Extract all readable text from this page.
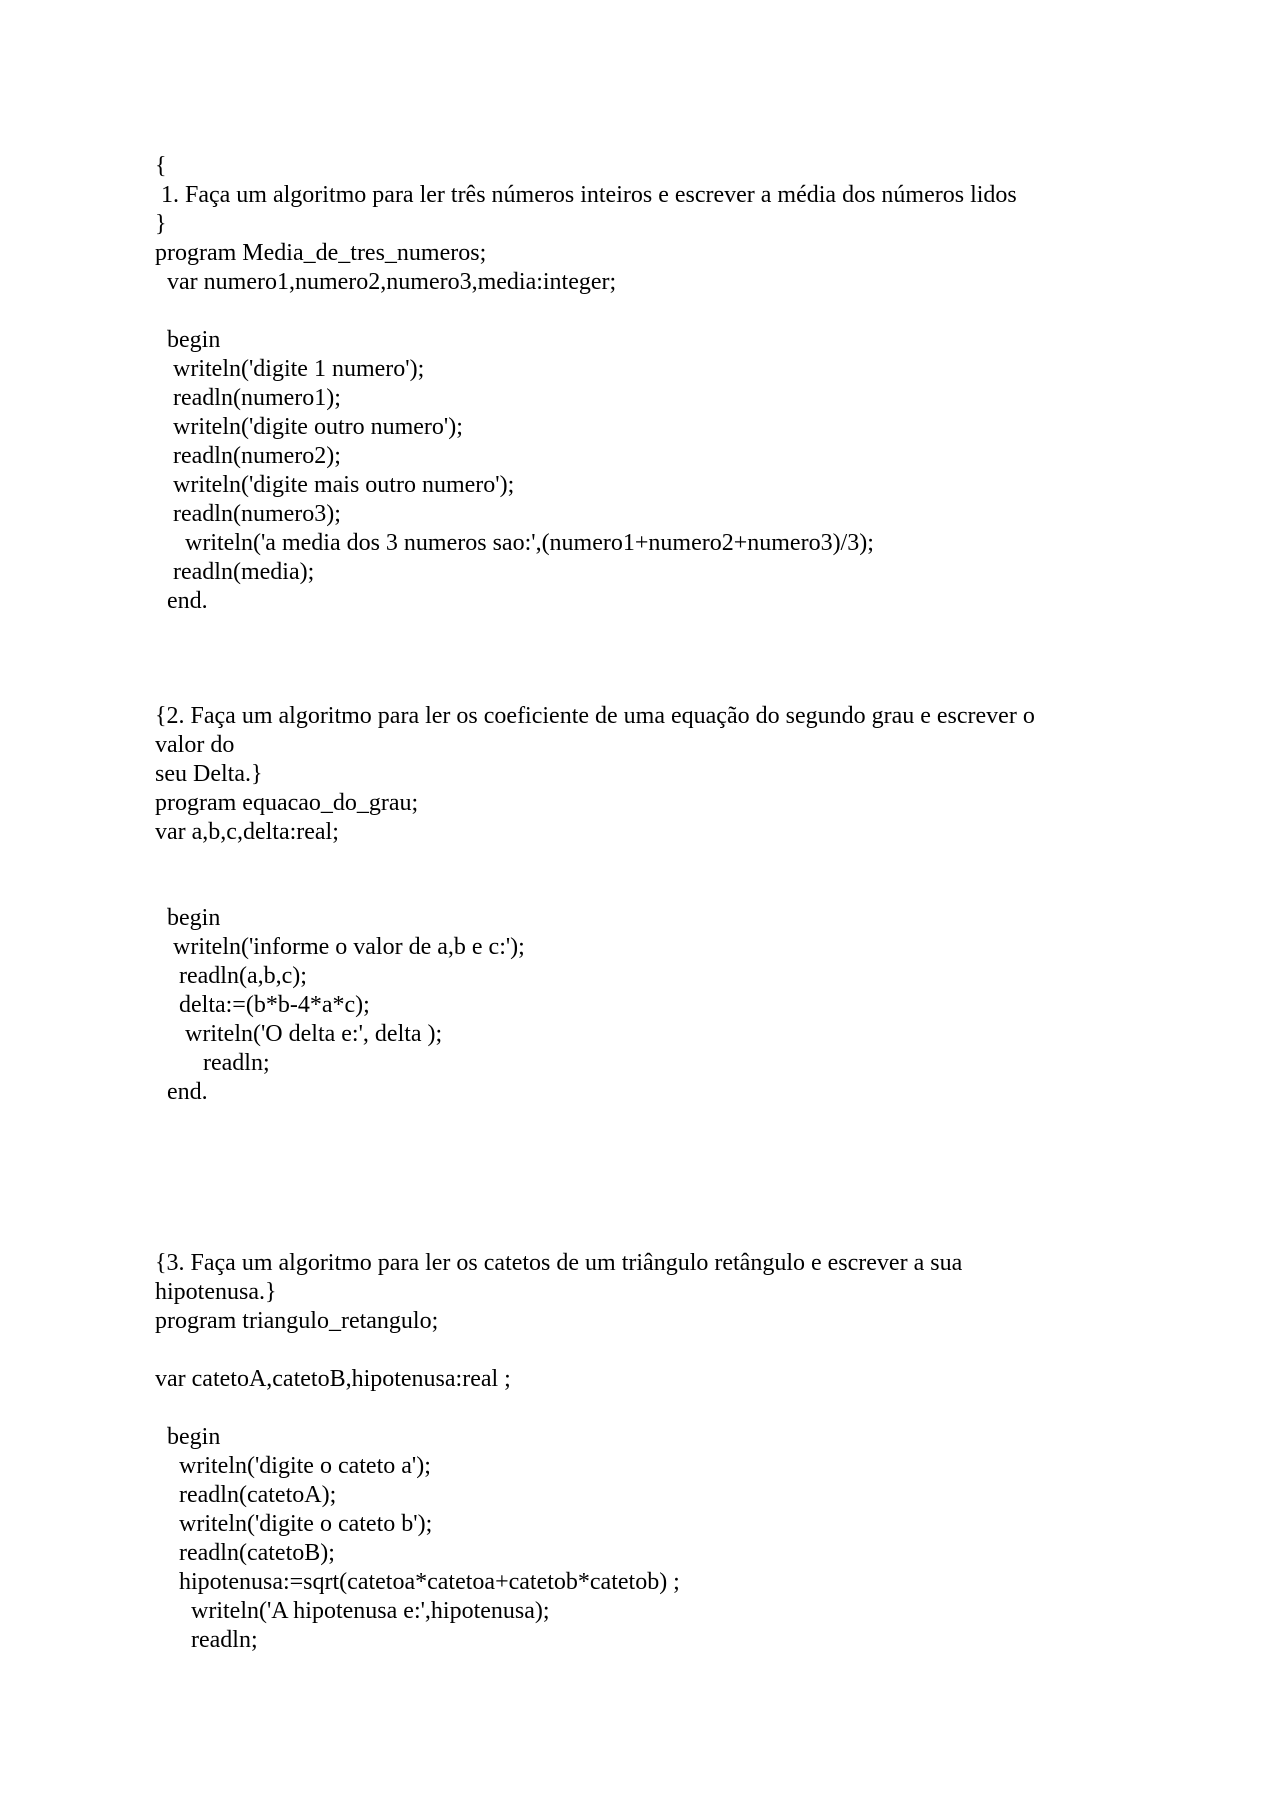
{
1. Faça um algoritmo para ler três números inteiros e escrever a média dos números lidos
}
program Media_de_tres_numeros;
var numero1,numero2,numero3,media:integer;
begin
writeln('digite 1 numero');
readln(numero1);
writeln('digite outro numero');
readln(numero2);
writeln('digite mais outro numero');
readln(numero3);
writeln('a media dos 3 numeros sao:',(numero1+numero2+numero3)/3);
readln(media);
end.
{2. Faça um algoritmo para ler os coeficiente de uma equação do segundo grau e escrever o
valor do
seu Delta.}
program equacao_do_grau;
var a,b,c,delta:real;
begin
writeln('informe o valor de a,b e c:');
readln(a,b,c);
delta:=(b*b-4*a*c);
writeln('O delta e:', delta );
readln;
end.
{3. Faça um algoritmo para ler os catetos de um triângulo retângulo e escrever a sua
hipotenusa.}
program triangulo_retangulo;
var catetoA,catetoB,hipotenusa:real ;
begin
writeln('digite o cateto a');
readln(catetoA);
writeln('digite o cateto b');
readln(catetoB);
hipotenusa:=sqrt(catetoa*catetoa+catetob*catetob) ;
writeln('A hipotenusa e:',hipotenusa);
readln;
